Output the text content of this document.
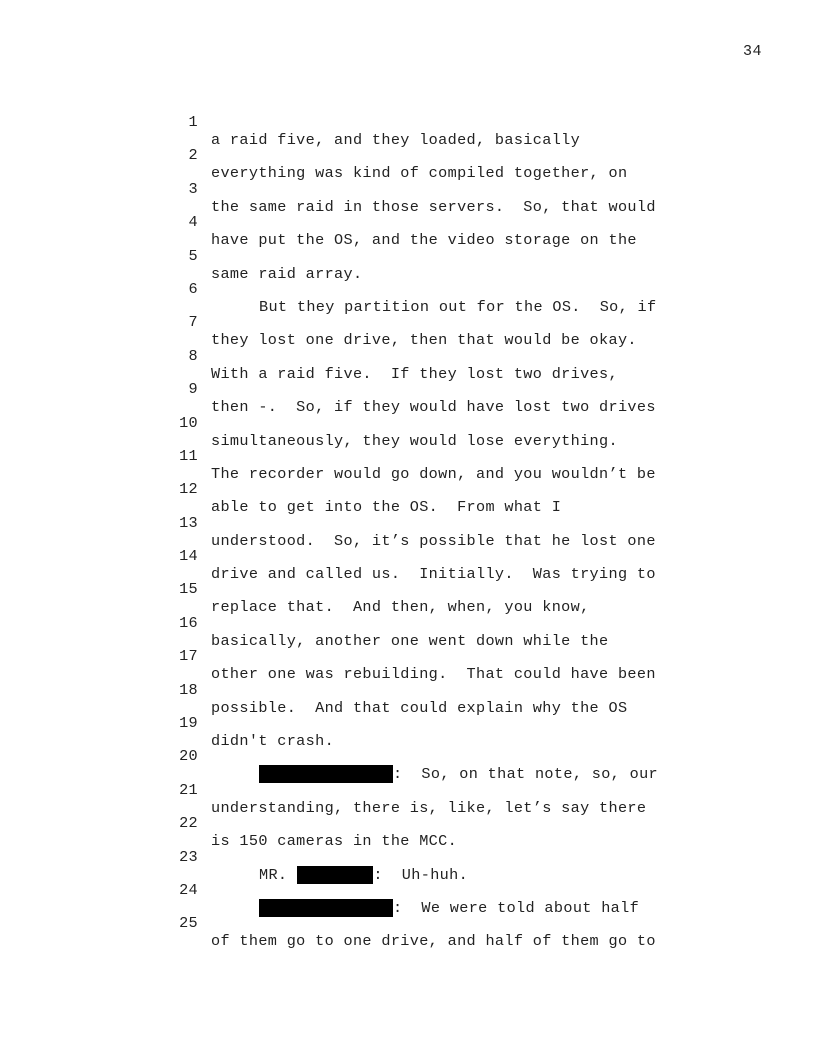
34

1

a raid five, and they loaded, basically

2

everything was kind of compiled together, on

3

the same raid in those servers.  So, that would

4

have put the OS, and the video storage on the

5

same raid array.

6

But they partition out for the OS.  So, if

7

they lost one drive, then that would be okay.

8

With a raid five.  If they lost two drives,

9

then -.  So, if they would have lost two drives

10

simultaneously, they would lose everything.

11

The recorder would go down, and you wouldn’t be

12

able to get into the OS.  From what I

13

understood.  So, it’s possible that he lost one

14

drive and called us.  Initially.  Was trying to

15

replace that.  And then, when, you know,

16

basically, another one went down while the

17

other one was rebuilding.  That could have been

18

possible.  And that could explain why the OS

19

didn't crash.

20

:  So, on that note, so, our

21

understanding, there is, like, let’s say there

22

is 150 cameras in the MCC.

23

MR.	:  Uh-huh.

24

:  We were told about half

25

of them go to one drive, and half of them go to
